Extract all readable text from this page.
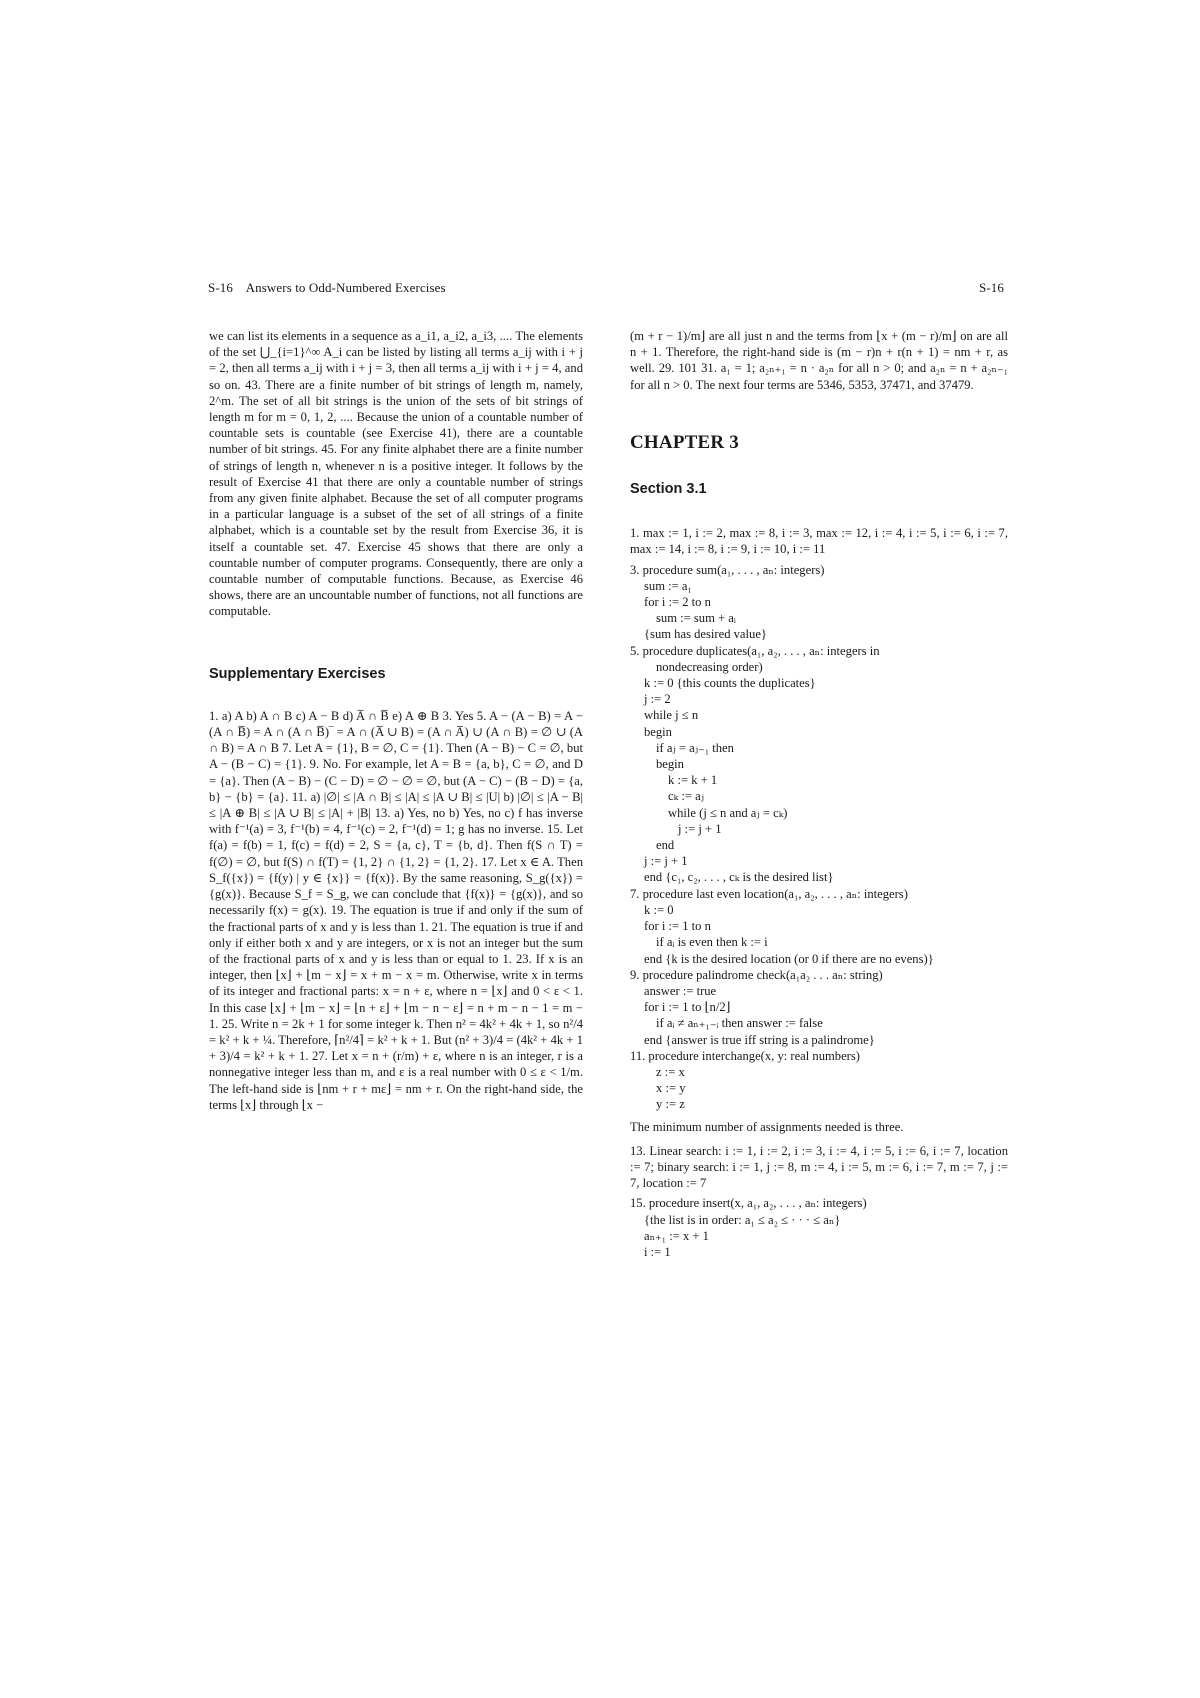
S-16 Answers to Odd-Numbered Exercises	S-16

we can list its elements in a sequence as a_i1, a_i2, a_i3, .... The elements of the set ⋃_{i=1}^∞ A_i can be listed by listing all terms a_ij with i + j = 2, then all terms a_ij with i + j = 3, then all terms a_ij with i + j = 4, and so on. 43. There are a finite number of bit strings of length m, namely, 2^m. The set of all bit strings is the union of the sets of bit strings of length m for m = 0, 1, 2, .... Because the union of a countable number of countable sets is countable (see Exercise 41), there are a countable number of bit strings. 45. For any finite alphabet there are a finite number of strings of length n, whenever n is a positive integer. It follows by the result of Exercise 41 that there are only a countable number of strings from any given finite alphabet. Because the set of all computer programs in a particular language is a subset of the set of all strings of a finite alphabet, which is a countable set by the result from Exercise 36, it is itself a countable set. 47. Exercise 45 shows that there are only a countable number of computer programs. Consequently, there are only a countable number of computable functions. Because, as Exercise 46 shows, there are an uncountable number of functions, not all functions are computable.

Supplementary Exercises

1. a) A b) A ∩ B c) A − B d) A̅ ∩ B̅ e) A ⊕ B 3. Yes 5. A − (A − B) = A − (A ∩ B̅) = A ∩ (A ∩ B̅)‾ = A ∩ (A̅ ∪ B) = (A ∩ A̅) ∪ (A ∩ B) = ∅ ∪ (A ∩ B) = A ∩ B 7. Let A = {1}, B = ∅, C = {1}. Then (A − B) − C = ∅, but A − (B − C) = {1}. 9. No. For example, let A = B = {a, b}, C = ∅, and D = {a}. Then (A − B) − (C − D) = ∅ − ∅ = ∅, but (A − C) − (B − D) = {a, b} − {b} = {a}. 11. a) |∅| ≤ |A ∩ B| ≤ |A| ≤ |A ∪ B| ≤ |U| b) |∅| ≤ |A − B| ≤ |A ⊕ B| ≤ |A ∪ B| ≤ |A| + |B| 13. a) Yes, no b) Yes, no c) f has inverse with f⁻¹(a) = 3, f⁻¹(b) = 4, f⁻¹(c) = 2, f⁻¹(d) = 1; g has no inverse. 15. Let f(a) = f(b) = 1, f(c) = f(d) = 2, S = {a, c}, T = {b, d}. Then f(S ∩ T) = f(∅) = ∅, but f(S) ∩ f(T) = {1, 2} ∩ {1, 2} = {1, 2}. 17. Let x ∈ A. Then S_f({x}) = {f(y) | y ∈ {x}} = {f(x)}. By the same reasoning, S_g({x}) = {g(x)}. Because S_f = S_g, we can conclude that {f(x)} = {g(x)}, and so necessarily f(x) = g(x). 19. The equation is true if and only if the sum of the fractional parts of x and y is less than 1. 21. The equation is true if and only if either both x and y are integers, or x is not an integer but the sum of the fractional parts of x and y is less than or equal to 1. 23. If x is an integer, then ⌊x⌋ + ⌊m − x⌋ = x + m − x = m. Otherwise, write x in terms of its integer and fractional parts: x = n + ε, where n = ⌊x⌋ and 0 < ε < 1. In this case ⌊x⌋ + ⌊m − x⌋ = ⌊n + ε⌋ + ⌊m − n − ε⌋ = n + m − n − 1 = m − 1. 25. Write n = 2k + 1 for some integer k. Then n² = 4k² + 4k + 1, so n²/4 = k² + k + ¼. Therefore, ⌈n²/4⌉ = k² + k + 1. But (n² + 3)/4 = (4k² + 4k + 1 + 3)/4 = k² + k + 1. 27. Let x = n + (r/m) + ε, where n is an integer, r is a nonnegative integer less than m, and ε is a real number with 0 ≤ ε < 1/m. The left-hand side is ⌊nm + r + mε⌋ = nm + r. On the right-hand side, the terms ⌊x⌋ through ⌊x −

(m + r − 1)/m⌋ are all just n and the terms from ⌊x + (m − r)/m⌋ on are all n + 1. Therefore, the right-hand side is (m − r)n + r(n + 1) = nm + r, as well. 29. 101 31. a₁ = 1; a₂ₙ₊₁ = n · a₂ₙ for all n > 0; and a₂ₙ = n + a₂ₙ₋₁ for all n > 0. The next four terms are 5346, 5353, 37471, and 37479.

CHAPTER 3
Section 3.1

1. max := 1, i := 2, max := 8, i := 3, max := 12, i := 4, i := 5, i := 6, i := 7, max := 14, i := 8, i := 9, i := 10, i := 11

3. procedure sum(a₁, . . . , aₙ: integers)
sum := a₁
for i := 2 to n
sum := sum + aᵢ
{sum has desired value}
5. procedure duplicates(a₁, a₂, . . . , aₙ: integers in
nondecreasing order)
k := 0 {this counts the duplicates}
j := 2
while j ≤ n
begin
if aⱼ = aⱼ₋₁ then
begin
k := k + 1
cₖ := aⱼ
while (j ≤ n and aⱼ = cₖ)
j := j + 1
end
j := j + 1
end {c₁, c₂, . . . , cₖ is the desired list}
7. procedure last even location(a₁, a₂, . . . , aₙ: integers)
k := 0
for i := 1 to n
if aᵢ is even then k := i
end {k is the desired location (or 0 if there are no evens)}
9. procedure palindrome check(a₁a₂ . . . aₙ: string)
answer := true
for i := 1 to ⌊n/2⌋
if aᵢ ≠ aₙ₊₁₋ᵢ then answer := false
end {answer is true iff string is a palindrome}
11. procedure interchange(x, y: real numbers)
z := x
x := y
y := z

The minimum number of assignments needed is three.

13. Linear search: i := 1, i := 2, i := 3, i := 4, i := 5, i := 6, i := 7, location := 7; binary search: i := 1, j := 8, m := 4, i := 5, m := 6, i := 7, m := 7, j := 7, location := 7

15. procedure insert(x, a₁, a₂, . . . , aₙ: integers)
{the list is in order: a₁ ≤ a₂ ≤ · · · ≤ aₙ}
aₙ₊₁ := x + 1
i := 1
